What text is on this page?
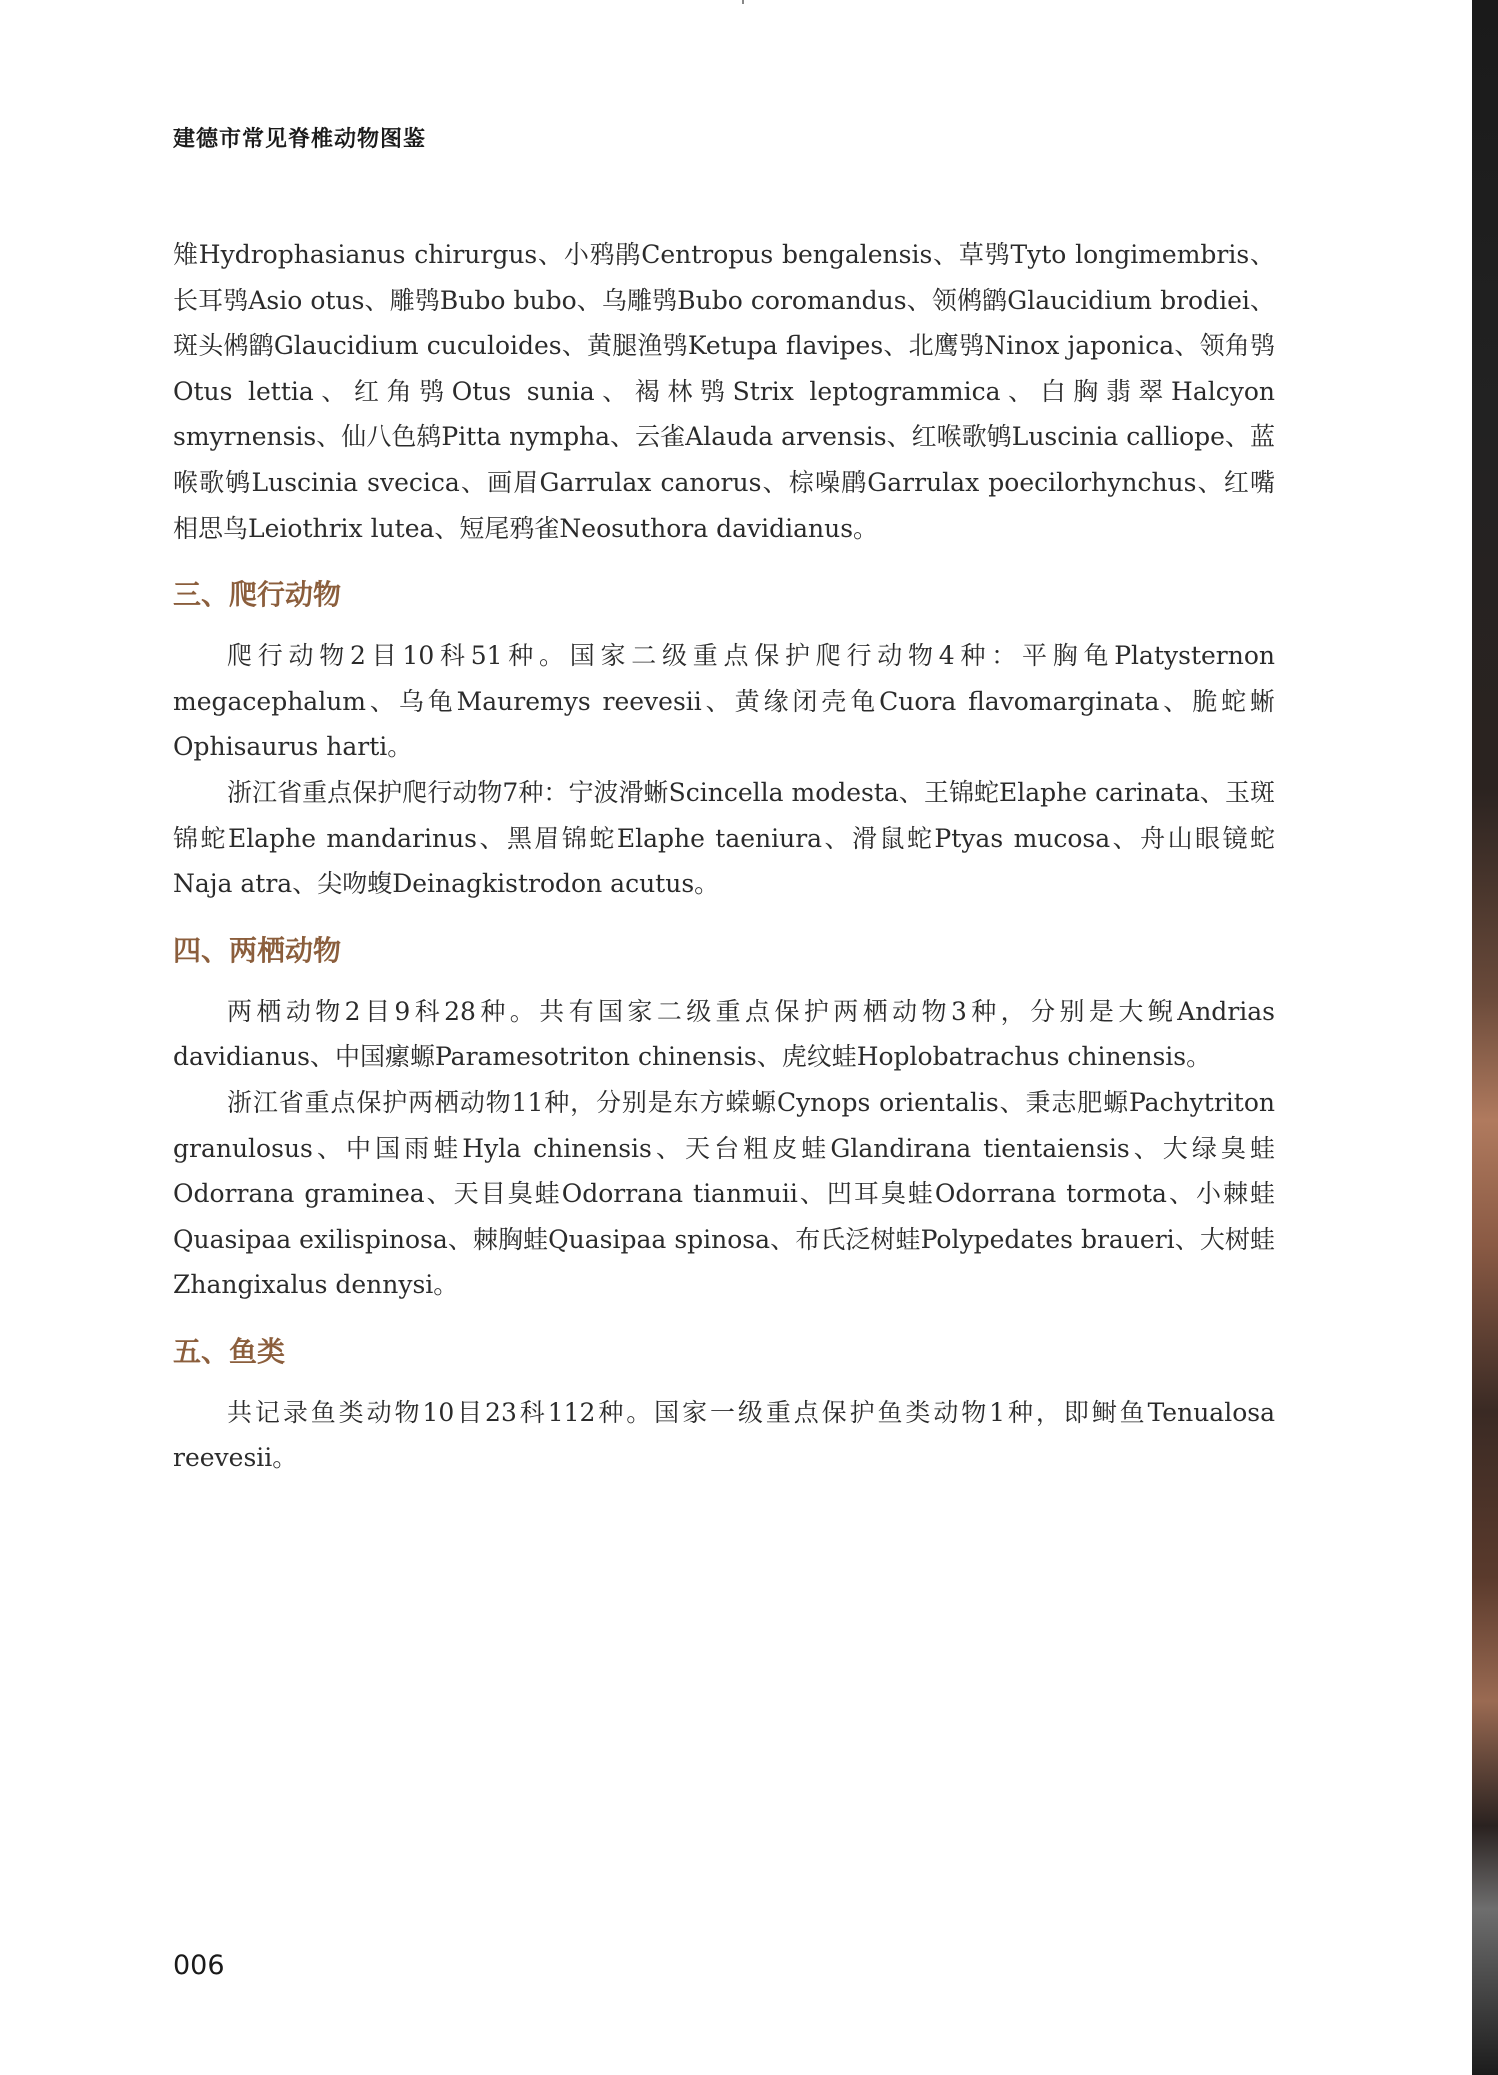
建德市常见脊椎动物图鉴

雉Hydrophasianus chirurgus、小鸦鹃Centropus bengalensis、草鸮Tyto longimembris、长耳鸮Asio otus、雕鸮Bubo bubo、乌雕鸮Bubo coromandus、领鸺鹠Glaucidium brodiei、斑头鸺鹠Glaucidium cuculoides、黄腿渔鸮Ketupa flavipes、北鹰鸮Ninox japonica、领角鸮Otus lettia、红角鸮Otus sunia、褐林鸮Strix leptogrammica、白胸翡翠Halcyon smyrnensis、仙八色鸫Pitta nympha、云雀Alauda arvensis、红喉歌鸲Luscinia calliope、蓝喉歌鸲Luscinia svecica、画眉Garrulax canorus、棕噪鹛Garrulax poecilorhynchus、红嘴相思鸟Leiothrix lutea、短尾鸦雀Neosuthora davidianus。

三、爬行动物

爬行动物2目10科51种。国家二级重点保护爬行动物4种：平胸龟Platysternon megacephalum、乌龟Mauremys reevesii、黄缘闭壳龟Cuora flavomarginata、脆蛇蜥Ophisaurus harti。

浙江省重点保护爬行动物7种：宁波滑蜥Scincella modesta、王锦蛇Elaphe carinata、玉斑锦蛇Elaphe mandarinus、黑眉锦蛇Elaphe taeniura、滑鼠蛇Ptyas mucosa、舟山眼镜蛇Naja atra、尖吻蝮Deinagkistrodon acutus。

四、两栖动物

两栖动物2目9科28种。共有国家二级重点保护两栖动物3种，分别是大鲵Andrias davidianus、中国瘰螈Paramesotriton chinensis、虎纹蛙Hoplobatrachus chinensis。

浙江省重点保护两栖动物11种，分别是东方蝾螈Cynops orientalis、秉志肥螈Pachytriton granulosus、中国雨蛙Hyla chinensis、天台粗皮蛙Glandirana tientaiensis、大绿臭蛙Odorrana graminea、天目臭蛙Odorrana tianmuii、凹耳臭蛙Odorrana tormota、小棘蛙Quasipaa exilispinosa、棘胸蛙Quasipaa spinosa、布氏泛树蛙Polypedates braueri、大树蛙Zhangixalus dennysi。

五、鱼类

共记录鱼类动物10目23科112种。国家一级重点保护鱼类动物1种，即鲥鱼Tenualosa reevesii。

006
